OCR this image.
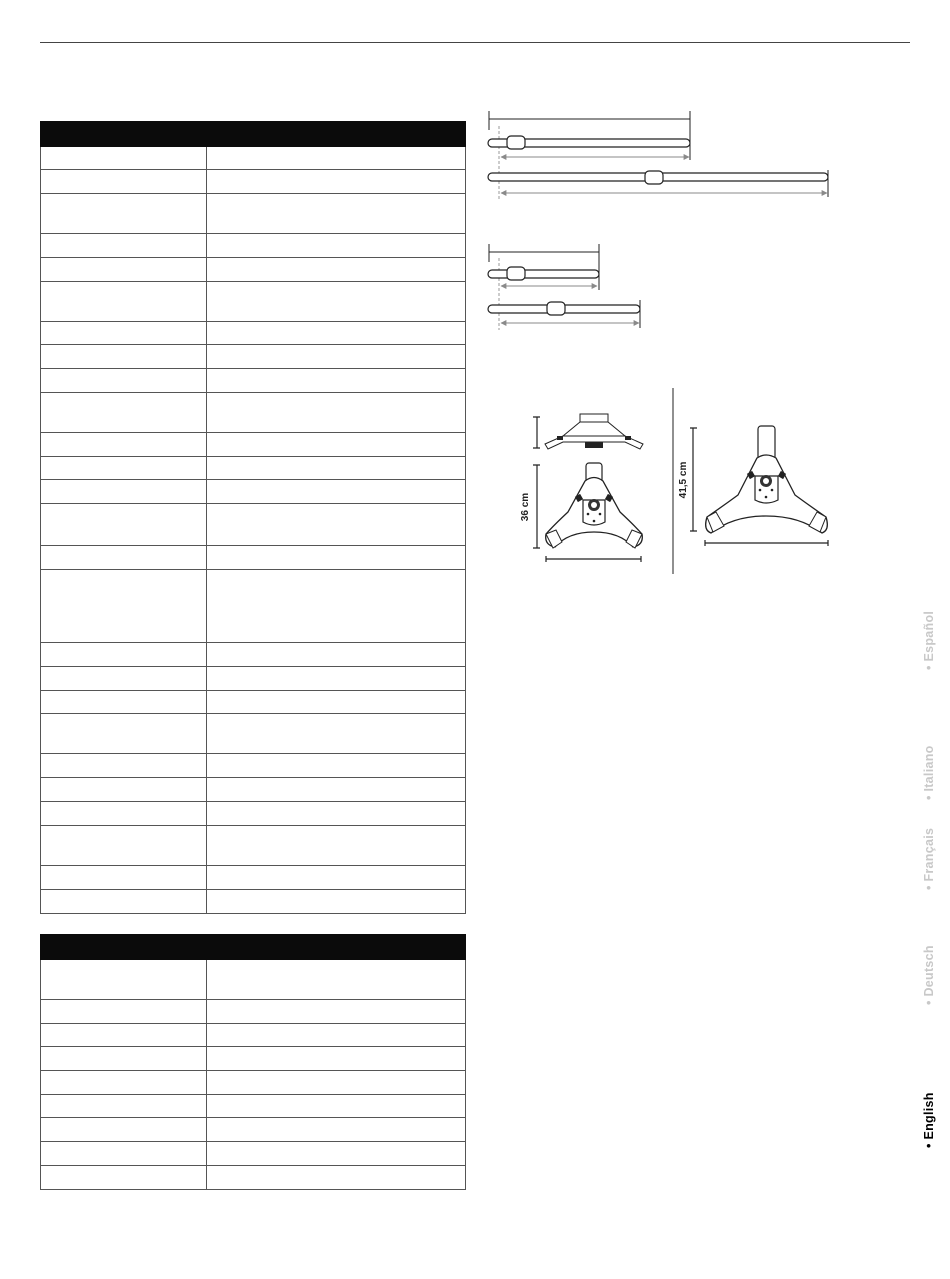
36 cm
41,5 cm
• Español
• Italiano
• Français
• Deutsch
• English
